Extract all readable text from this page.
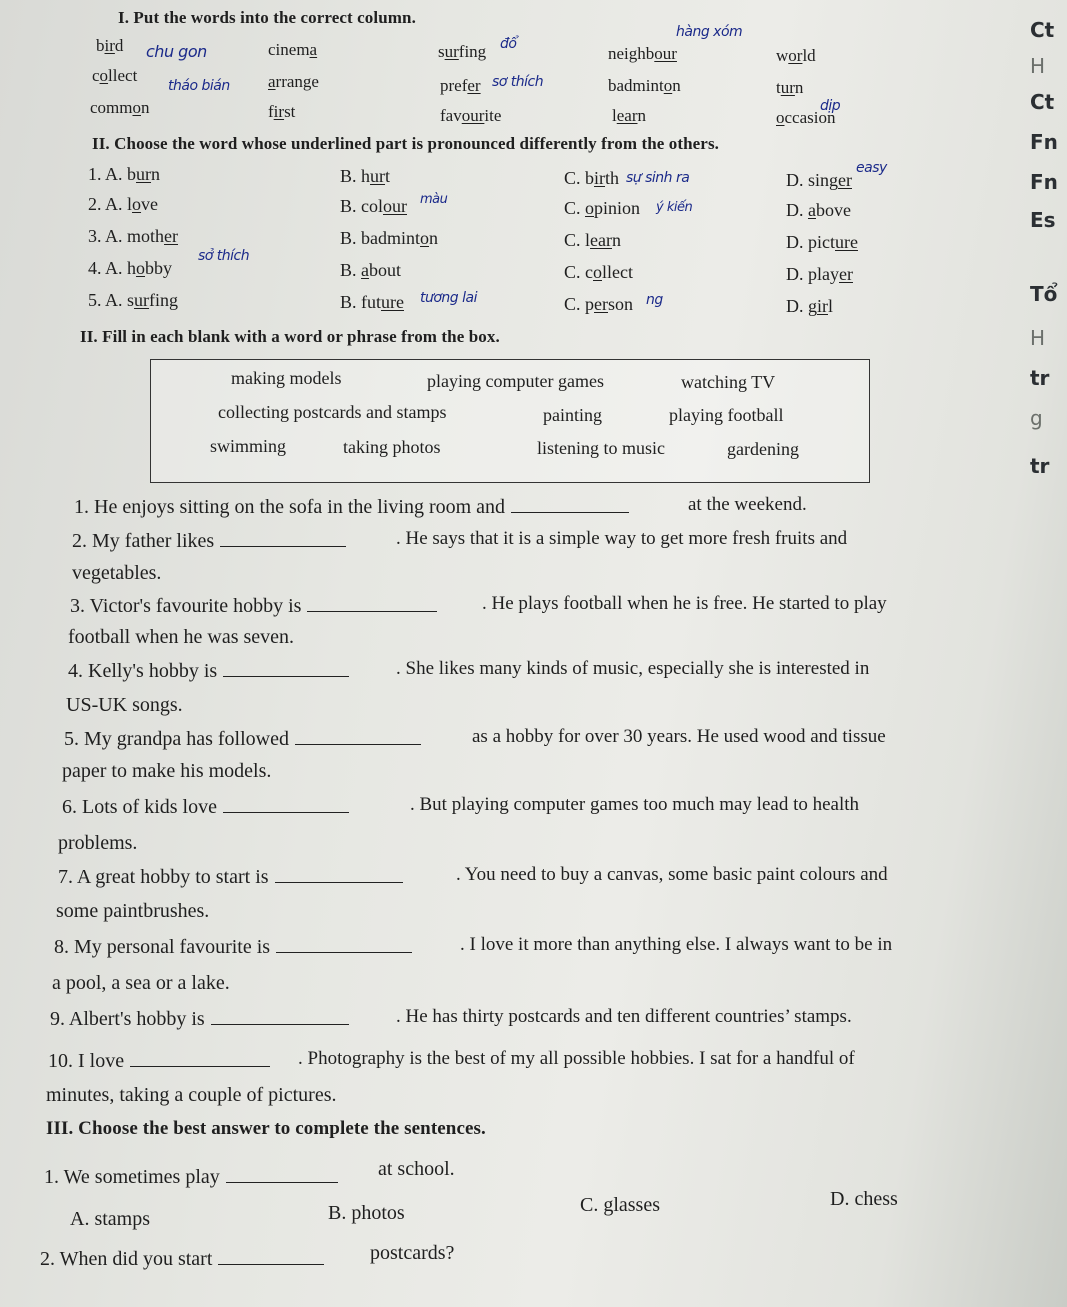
I. Put the words into the correct column.
bird	cinema	surfing	neighbour	world
collect	arrange	prefer	badminton	turn
common	first	favourite	learn	occasion
chu gon
tháo bián	sơ thích
hàng xóm
đổ
dịp
II. Choose the word whose underlined part is pronounced differently from the others.
1. A. burn	B. hurt	C. birth	D. singer
2. A. love	B. colour	C. opinion	D. above
3. A. mother	B. badminton	C. learn	D. picture
4. A. hobby	B. about	C. collect	D. player
5. A. surfing	B. future	C. person	D. girl
sự sinh ra
easy
màu
ý kiến
sở thích
tương lai	ng
II. Fill in each blank with a word or phrase from the box.
making models	playing computer games	watching TV
collecting postcards and stamps	painting	playing football
swimming	taking photos	listening to music	gardening
1. He enjoys sitting on the sofa in the living room and	at the weekend.
2. My father likes	. He says that it is a simple way to get more fresh fruits and
vegetables.
3. Victor's favourite hobby is	. He plays football when he is free. He started to play
football when he was seven.
4. Kelly's hobby is	. She likes many kinds of music, especially she is interested in
US-UK songs.
5. My grandpa has followed	as a hobby for over 30 years. He used wood and tissue
paper to make his models.
6. Lots of kids love	. But playing computer games too much may lead to health
problems.
7. A great hobby to start is	. You need to buy a canvas, some basic paint colours and
some paintbrushes.
8. My personal favourite is	. I love it more than anything else. I always want to be in
a pool, a sea or a lake.
9. Albert's hobby is	. He has thirty postcards and ten different countries’ stamps.
10. I love	. Photography is the best of my all possible hobbies. I sat for a handful of
minutes, taking a couple of pictures.
III. Choose the best answer to complete the sentences.
1. We sometimes play	at school.
A. stamps	B. photos	C. glasses	D. chess
2. When did you start	postcards?
Ct
H
Ct
Fn
Fn
Es
Tổ
H
tr
g
tr
